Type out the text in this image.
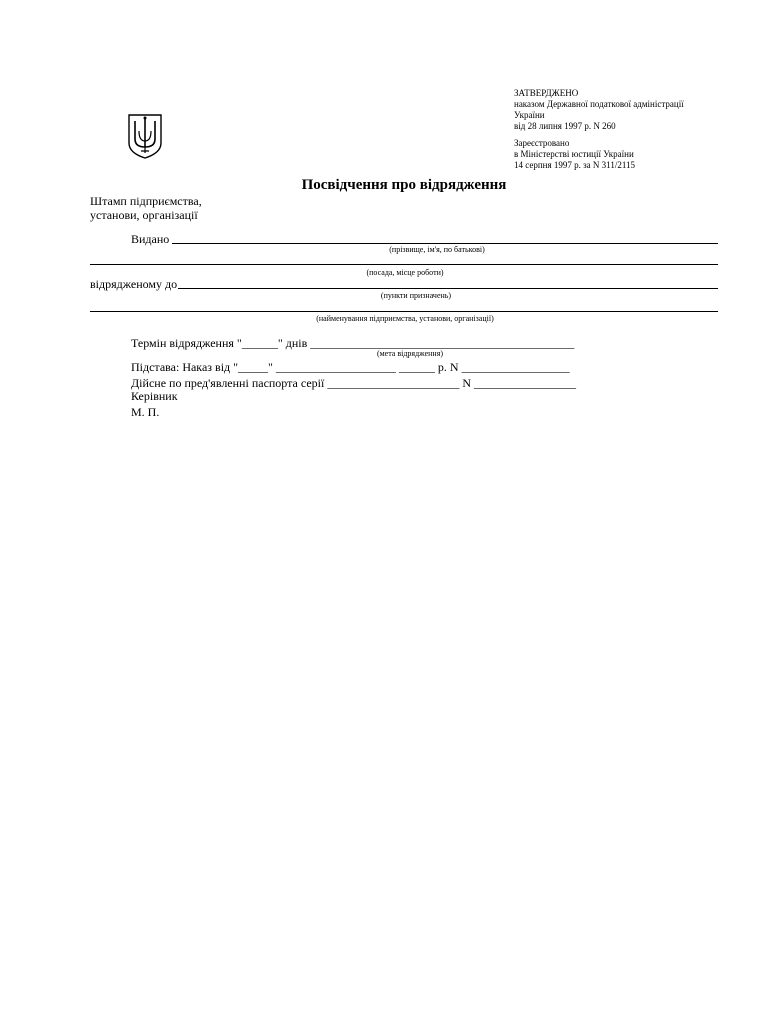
ЗАТВЕРДЖЕНО
наказом Державної податкової адміністрації
України
від 28 липня 1997 р. N 260
Зареєстровано
в Міністерстві юстиції України
14 серпня 1997 р. за N 311/2115
Посвідчення про відрядження
Штамп підприємства,
установи, організації
Видано
(прізвище, ім'я, по батькові)
(посада, місце роботи)
відрядженому до
(пункти призначень)
(найменування підприємства, установи, організації)
Термін відрядження "______" днів ____________________________________________
(мета відрядження)
Підстава: Наказ від "_____" ____________________ ______ р. N __________________
Дійсне по пред'явленні паспорта серії ______________________ N _________________
Керівник
М. П.
